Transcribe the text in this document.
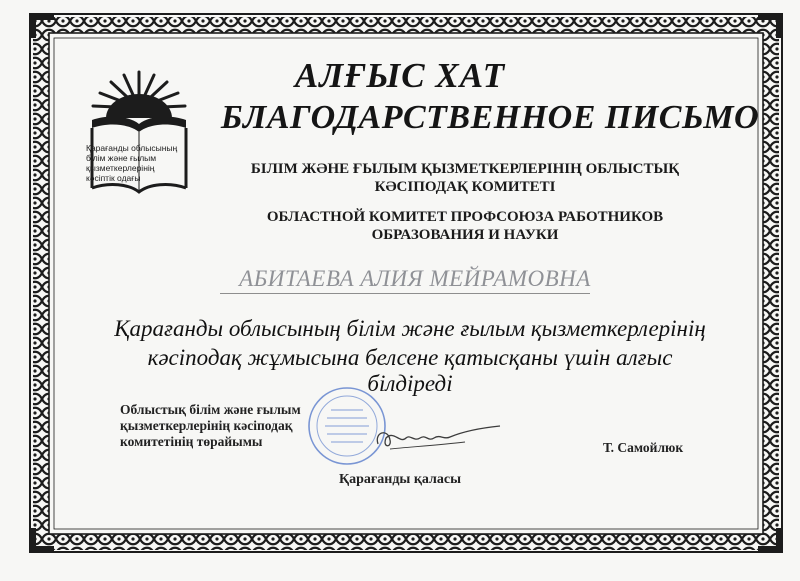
Қарағанды облысының
білім және ғылым
қызметкерлерінің
кәсіптік одағы
АЛҒЫС ХАТ
БЛАГОДАРСТВЕННОЕ ПИСЬМО
БІЛІМ ЖӘНЕ ҒЫЛЫМ ҚЫЗМЕТКЕРЛЕРІНІҢ ОБЛЫСТЫҚ
КӘСІПОДАҚ КОМИТЕТІ
ОБЛАСТНОЙ КОМИТЕТ ПРОФСОЮЗА РАБОТНИКОВ
ОБРАЗОВАНИЯ И НАУКИ
АБИТАЕВА АЛИЯ МЕЙРАМОВНА
Қарағанды облысының білім және ғылым қызметкерлерінің
кәсіподақ жұмысына белсене қатысқаны үшін алғыс білдіреді
Облыстық білім және ғылым
қызметкерлерінің кәсіподақ
комитетінің төрайымы	Т. Самойлюк
Қарағанды қаласы
